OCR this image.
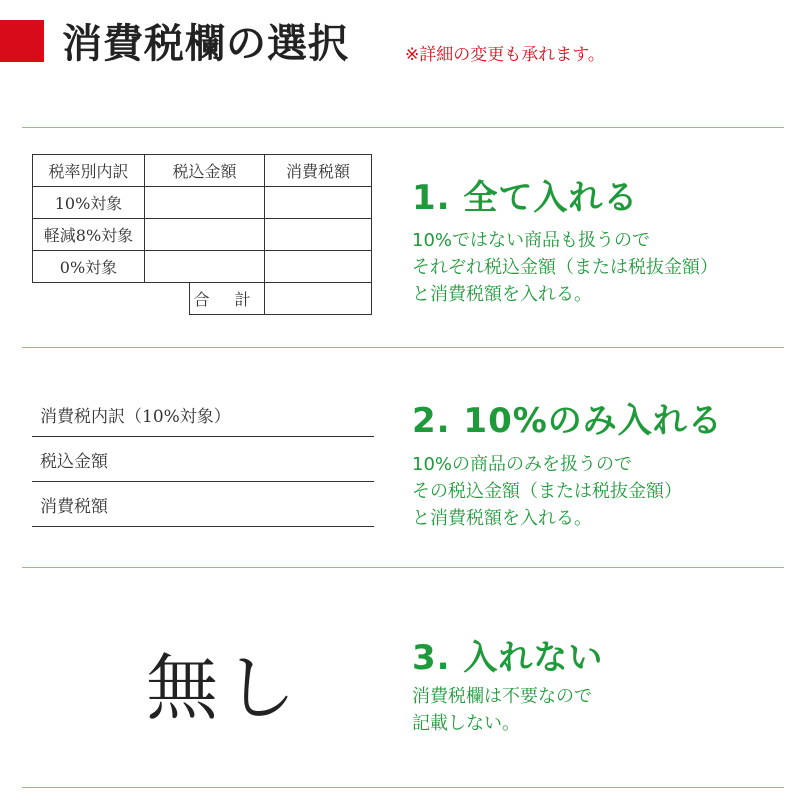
消費税欄の選択	※詳細の変更も承れます。
税率別内訳	税込金額		消費税額
10%対象			
軽減8%対象			
0%対象			
		合 計	
1. 全て入れる
10%ではない商品も扱うので
それぞれ税込金額（または税抜金額）
と消費税額を入れる。
消費税内訳（10%対象）
税込金額
消費税額
2. 10%のみ入れる
10%の商品のみを扱うので
その税込金額（または税抜金額）
と消費税額を入れる。
無し	3. 入れない
消費税欄は不要なので
記載しない。
